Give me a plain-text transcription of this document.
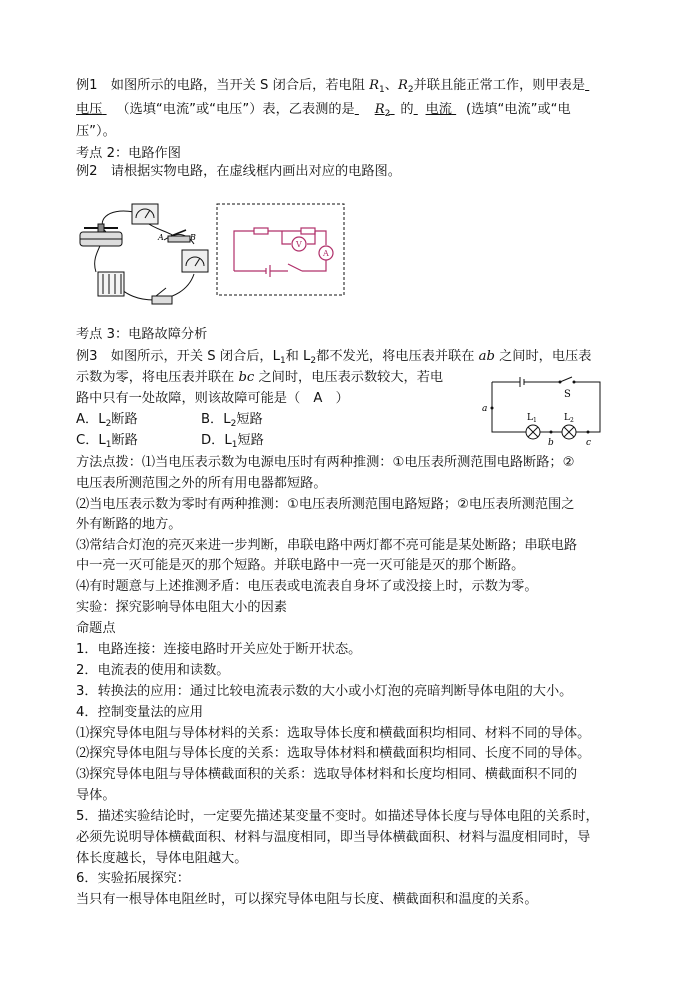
例1　如图所示的电路，当开关 S 闭合后，若电阻 $R_1$、$R_2$并联且能正常工作，则甲表是
电压 （选填“电流”或“电压”）表，乙表测的是 $R_2$ 的 电流 (选填“电流”或“电
压”）。
考点 2：电路作图
例2　请根据实物电路，在虚线框内画出对应的电路图。
A	B
V
A
考点 3：电路故障分析
例3　如图所示，开关 S 闭合后，$L_1$和 $L_2$都不发光，将电压表并联在 ab 之间时，电压表
示数为零，将电压表并联在 bc 之间时，电压表示数较大，若电
路中只有一处故障，则该故障可能是（　A　）
A．$L_2$断路	B．$L_2$短路
C．$L_1$断路	D．$L_1$短路
S
$L_1$	$L_2$
a
b	c
方法点拨：⑴当电压表示数为电源电压时有两种推测：①电压表所测范围电路断路；②
电压表所测范围之外的所有用电器都短路。
⑵当电压表示数为零时有两种推测：①电压表所测范围电路短路；②电压表所测范围之
外有断路的地方。
⑶常结合灯泡的亮灭来进一步判断，串联电路中两灯都不亮可能是某处断路；串联电路
中一亮一灭可能是灭的那个短路。并联电路中一亮一灭可能是灭的那个断路。
⑷有时题意与上述推测矛盾：电压表或电流表自身坏了或没接上时，示数为零。
实验：探究影响导体电阻大小的因素
命题点
1．电路连接：连接电路时开关应处于断开状态。
2．电流表的使用和读数。
3．转换法的应用：通过比较电流表示数的大小或小灯泡的亮暗判断导体电阻的大小。
4．控制变量法的应用
⑴探究导体电阻与导体材料的关系：选取导体长度和横截面积均相同、材料不同的导体。
⑵探究导体电阻与导体长度的关系：选取导体材料和横截面积均相同、长度不同的导体。
⑶探究导体电阻与导体横截面积的关系：选取导体材料和长度均相同、横截面积不同的
导体。
5．描述实验结论时，一定要先描述某变量不变时。如描述导体长度与导体电阻的关系时，
必须先说明导体横截面积、材料与温度相同，即当导体横截面积、材料与温度相同时，导
体长度越长，导体电阻越大。
6．实验拓展探究：
当只有一根导体电阻丝时，可以探究导体电阻与长度、横截面积和温度的关系。
